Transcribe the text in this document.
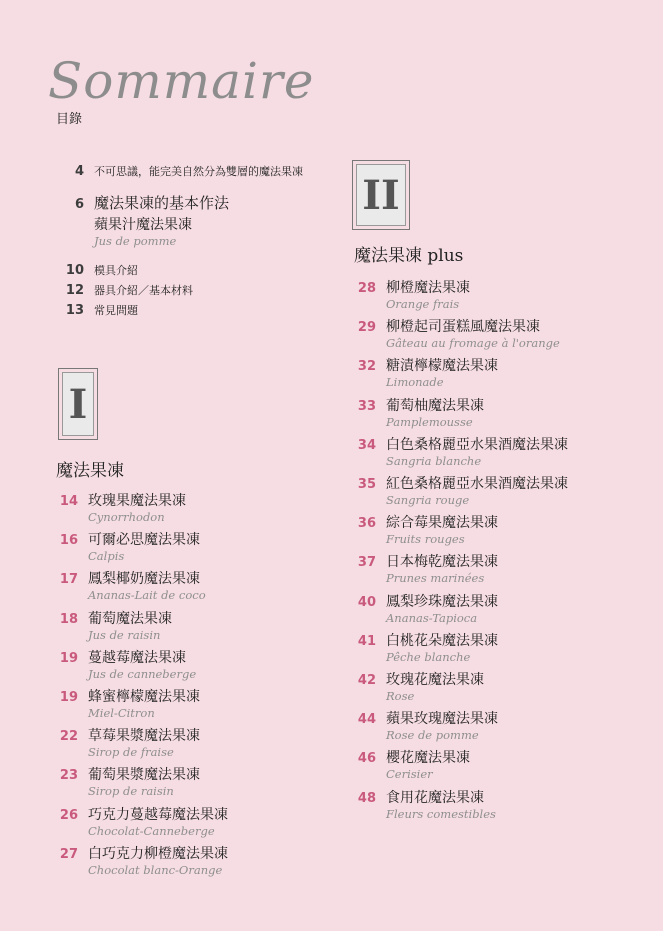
Sommaire
目錄
4 不可思議，能完美自然分為雙層的魔法果凍
6 魔法果凍的基本作法
蘋果汁魔法果凍
Jus de pomme
10 模具介紹
12 器具介紹／基本材料
13 常見問題
I
魔法果凍
14 玫瑰果魔法果凍
Cynorrhodon
16 可爾必思魔法果凍
Calpis
17 鳳梨椰奶魔法果凍
Ananas-Lait de coco
18 葡萄魔法果凍
Jus de raisin
19 蔓越莓魔法果凍
Jus de canneberge
19 蜂蜜檸檬魔法果凍
Miel-Citron
22 草莓果漿魔法果凍
Sirop de fraise
23 葡萄果漿魔法果凍
Sirop de raisin
26 巧克力蔓越莓魔法果凍
Chocolat-Canneberge
27 白巧克力柳橙魔法果凍
Chocolat blanc-Orange
II
魔法果凍 plus
28 柳橙魔法果凍
Orange frais
29 柳橙起司蛋糕風魔法果凍
Gâteau au fromage à l'orange
32 糖漬檸檬魔法果凍
Limonade
33 葡萄柚魔法果凍
Pamplemousse
34 白色桑格麗亞水果酒魔法果凍
Sangria blanche
35 紅色桑格麗亞水果酒魔法果凍
Sangria rouge
36 綜合莓果魔法果凍
Fruits rouges
37 日本梅乾魔法果凍
Prunes marinées
40 鳳梨珍珠魔法果凍
Ananas-Tapioca
41 白桃花朵魔法果凍
Pêche blanche
42 玫瑰花魔法果凍
Rose
44 蘋果玫瑰魔法果凍
Rose de pomme
46 櫻花魔法果凍
Cerisier
48 食用花魔法果凍
Fleurs comestibles
